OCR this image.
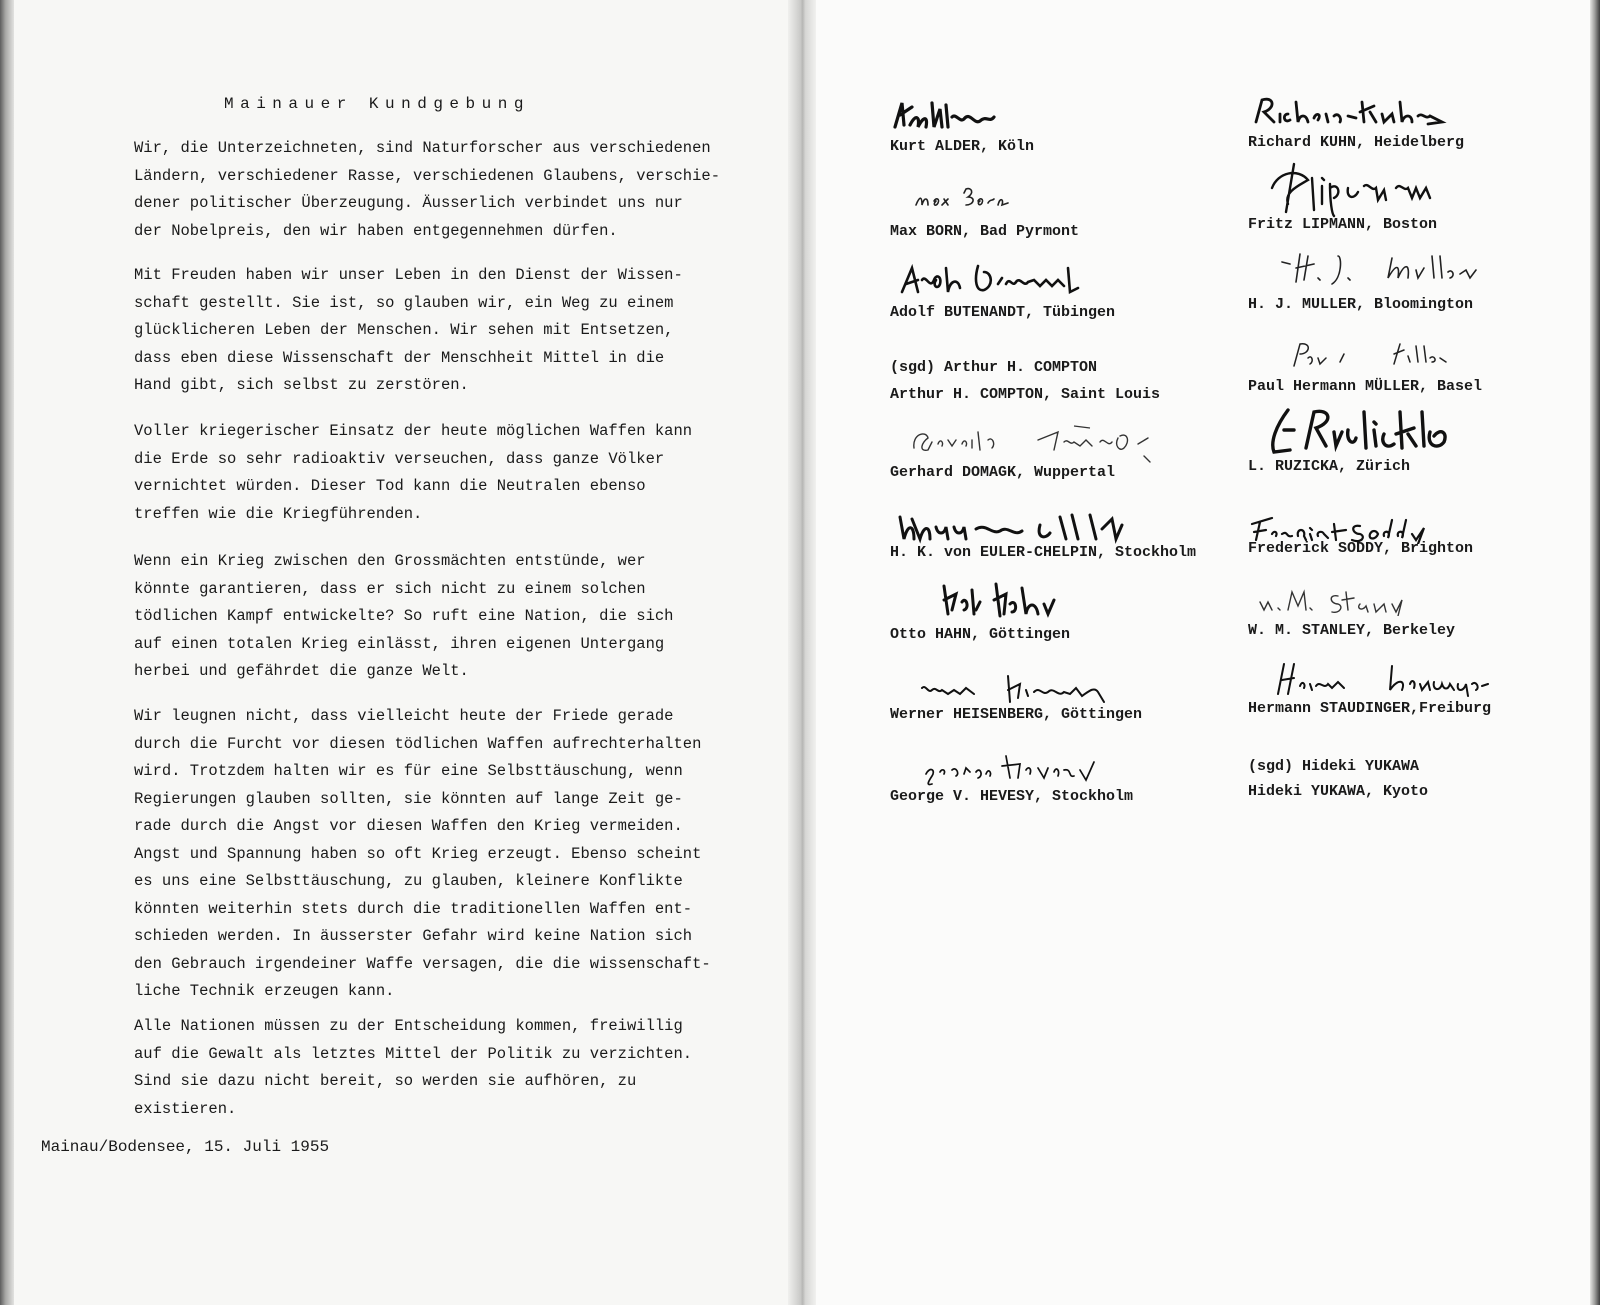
Mainauer Kundgebung

Wir, die Unterzeichneten, sind Naturforscher aus verschiedenen
Ländern, verschiedener Rasse, verschiedenen Glaubens, verschie-
dener politischer Überzeugung. Äusserlich verbindet uns nur
der Nobelpreis, den wir haben entgegennehmen dürfen.

Mit Freuden haben wir unser Leben in den Dienst der Wissen-
schaft gestellt. Sie ist, so glauben wir, ein Weg zu einem
glücklicheren Leben der Menschen. Wir sehen mit Entsetzen,
dass eben diese Wissenschaft der Menschheit Mittel in die
Hand gibt, sich selbst zu zerstören.

Voller kriegerischer Einsatz der heute möglichen Waffen kann
die Erde so sehr radioaktiv verseuchen, dass ganze Völker
vernichtet würden. Dieser Tod kann die Neutralen ebenso
treffen wie die Kriegführenden.

Wenn ein Krieg zwischen den Grossmächten entstünde, wer
könnte garantieren, dass er sich nicht zu einem solchen
tödlichen Kampf entwickelte? So ruft eine Nation, die sich
auf einen totalen Krieg einlässt, ihren eigenen Untergang
herbei und gefährdet die ganze Welt.

Wir leugnen nicht, dass vielleicht heute der Friede gerade
durch die Furcht vor diesen tödlichen Waffen aufrechterhalten
wird. Trotzdem halten wir es für eine Selbsttäuschung, wenn
Regierungen glauben sollten, sie könnten auf lange Zeit ge-
rade durch die Angst vor diesen Waffen den Krieg vermeiden.
Angst und Spannung haben so oft Krieg erzeugt. Ebenso scheint
es uns eine Selbsttäuschung, zu glauben, kleinere Konflikte
könnten weiterhin stets durch die traditionellen Waffen ent-
schieden werden. In äusserster Gefahr wird keine Nation sich
den Gebrauch irgendeiner Waffe versagen, die die wissenschaft-
liche Technik erzeugen kann.

Alle Nationen müssen zu der Entscheidung kommen, freiwillig
auf die Gewalt als letztes Mittel der Politik zu verzichten.
Sind sie dazu nicht bereit, so werden sie aufhören, zu
existieren.

Mainau/Bodensee, 15. Juli 1955
Kurt ALDER, Köln
Max BORN, Bad Pyrmont
Adolf BUTENANDT, Tübingen
(sgd) Arthur H. COMPTON
Arthur H. COMPTON, Saint Louis
Gerhard DOMAGK, Wuppertal
H. K. von EULER-CHELPIN, Stockholm
Otto HAHN, Göttingen
Werner HEISENBERG, Göttingen
George V. HEVESY, Stockholm
Richard KUHN, Heidelberg
Fritz LIPMANN, Boston
H. J. MULLER, Bloomington
Paul Hermann MÜLLER, Basel
L. RUZICKA, Zürich
Frederick SODDY, Brighton
W. M. STANLEY, Berkeley
Hermann STAUDINGER,Freiburg
(sgd) Hideki YUKAWA
Hideki YUKAWA, Kyoto
